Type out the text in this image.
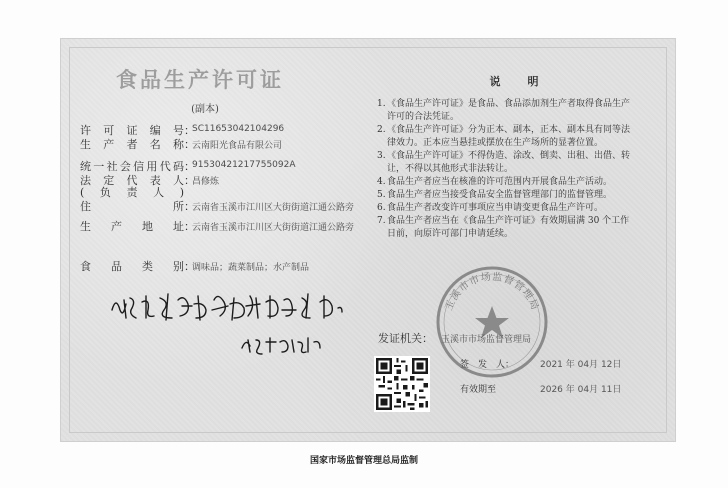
食品生产许可证
(副本)
许可证编号 ：
SC11653042104296
生产者名称 ：
云南阳光食品有限公司
统一社会信用代码 ：
91530421217755092А
法定代表人 ：
昌修炼
(负责人)
住所 ：
云南省玉溪市江川区大街街道江通公路旁
生产地址 ：
云南省玉溪市江川区大街街道江通公路旁
食品类别 ：
调味品；蔬菜制品；水产制品
说　明
1.《食品生产许可证》是食品、食品添加剂生产者取得食品生产许可的合法凭证。
2.《食品生产许可证》分为正本、副本，正本、副本具有同等法律效力。正本应当悬挂或摆放在生产场所的显著位置。
3.《食品生产许可证》不得伪造、涂改、倒卖、出租、出借、转让，不得以其他形式非法转让。
4.食品生产者应当在核准的许可范围内开展食品生产活动。
5.食品生产者应当接受食品安全监督管理部门的监督管理。
6.食品生产者改变许可事项应当申请变更食品生产许可。
7.食品生产者应当在《食品生产许可证》有效期届满 30 个工作日前，向原许可部门申请延续。
玉溪市市场监督管理局
发证机关： 玉溪市市场监督管理局
签　发　人：	2021 年 04月 12日
有效期至	2026 年 04月 11日
国家市场监督管理总局监制
